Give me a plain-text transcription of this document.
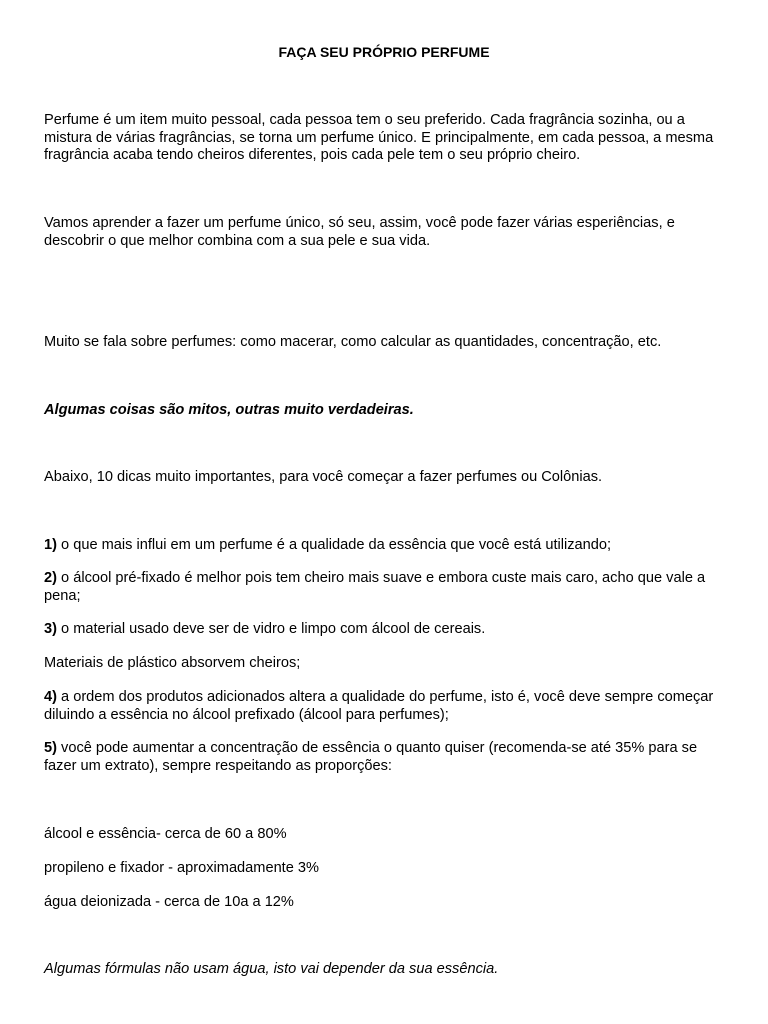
FAÇA SEU PRÓPRIO PERFUME

Perfume é um item muito pessoal, cada pessoa tem o seu preferido. Cada fragrância sozinha, ou a mistura de várias fragrâncias, se torna um perfume único. E principalmente, em cada pessoa, a mesma fragrância acaba tendo cheiros diferentes, pois cada pele tem o seu próprio cheiro.

Vamos aprender a fazer um perfume único, só seu, assim, você pode fazer várias esperiências, e descobrir o que melhor combina com a sua pele e sua vida.

Muito se fala sobre perfumes: como macerar, como calcular as quantidades, concentração, etc.

Algumas coisas são mitos, outras muito verdadeiras.

Abaixo, 10 dicas muito importantes, para você começar a fazer perfumes ou Colônias.

1) o que mais influi em um perfume é a qualidade da essência que você está utilizando;

2) o álcool pré-fixado é melhor pois tem cheiro mais suave e embora custe mais caro, acho que vale a pena;

3) o material usado deve ser de vidro e limpo com álcool de cereais.

Materiais de plástico absorvem cheiros;

4) a ordem dos produtos adicionados altera a qualidade do perfume, isto é, você deve sempre começar diluindo a essência no álcool prefixado (álcool para perfumes);

5) você pode aumentar a concentração de essência o quanto quiser (recomenda-se até 35% para se fazer um extrato), sempre respeitando as proporções:

álcool e essência- cerca de 60 a 80%

propileno e fixador - aproximadamente 3%

água deionizada - cerca de 10a a 12%

Algumas fórmulas não usam água, isto vai depender da sua essência.
